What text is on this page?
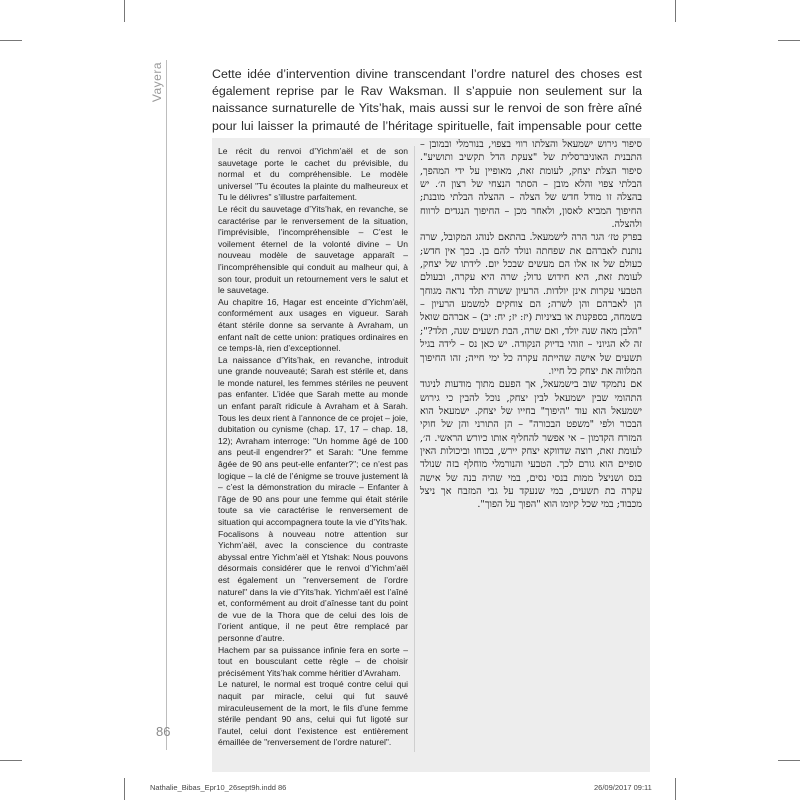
Vayera	Cette idée d’intervention divine transcendant l’ordre naturel des choses est également reprise par le Rav Waksman. Il s’appuie non seulement sur la naissance surnaturelle de Yits’hak, mais aussi sur le renvoi de son frère aîné pour lui laisser la primauté de l’héritage spirituelle, fait impensable pour cette

Le récit du renvoi d’Yichm’aël et de son sauvetage porte le cachet du prévisible, du normal et du compréhensible. Le modèle universel "Tu écoutes la plainte du malheureux et Tu le délivres" s’illustre parfaitement.

Le récit du sauvetage d’Yits’hak, en revanche, se caractérise par le renversement de la situation, l’imprévisible, l’incompréhensible – C’est le voilement éternel de la volonté divine – Un nouveau modèle de sauvetage apparaît – l’incompréhensible qui conduit au malheur qui, à son tour, produit un retournement vers le salut et le sauvetage.

Au chapitre 16, Hagar est enceinte d’Yichm’aël, conformément aux usages en vigueur. Sarah étant stérile donne sa servante à Avraham, un enfant naît de cette union: pratiques ordinaires en ce temps-là, rien d’exceptionnel.

La naissance d’Yits’hak, en revanche, introduit une grande nouveauté; Sarah est stérile et, dans le monde naturel, les femmes stériles ne peuvent pas enfanter. L’idée que Sarah mette au monde un enfant paraît ridicule à Avraham et à Sarah. Tous les deux rient à l’annonce de ce projet – joie, dubitation ou cynisme (chap. 17, 17 – chap. 18, 12); Avraham interroge: "Un homme âgé de 100 ans peut-il engendrer?" et Sarah: "Une femme âgée de 90 ans peut-elle enfanter?"; ce n’est pas logique – la clé de l’énigme se trouve justement là – c’est la démonstration du miracle – Enfanter à l’âge de 90 ans pour une femme qui était stérile toute sa vie caractérise le renversement de situation qui accompagnera toute la vie d’Yits’hak.

Focalisons à nouveau notre attention sur Yichm’aël, avec la conscience du contraste abyssal entre Yichm’aël et Ytshak: Nous pouvons désormais considérer que le renvoi d’Yichm’aël est également un "renversement de l’ordre naturel" dans la vie d’Yits’hak. Yichm’aël est l’aîné et, conformément au droit d’aînesse tant du point de vue de la Thora que de celui des lois de l’orient antique, il ne peut être remplacé par personne d’autre.

Hachem par sa puissance infinie fera en sorte – tout en bousculant cette règle – de choisir précisément Yits’hak comme héritier d’Avraham.

Le naturel, le normal est troqué contre celui qui naquit par miracle, celui qui fut sauvé miraculeusement de la mort, le fils d’une femme stérile pendant 90 ans, celui qui fut ligoté sur l’autel, celui dont l’existence est entièrement émaillée de "renversement de l’ordre naturel".

סיפור גירוש ישמעאל והצלתו רווי בצפוי, בנורמלי ובמובן – התבנית האוניברסלית של "צעקת הדל תקשיב ותושיע". סיפור הצלת יצחק, לעומת זאת, מאופיין על ידי המהפך, הבלתי צפוי והלא מובן – הסתר הנצחי של רצון ה׳. יש בהצלה זו מודל חדש של הצלה – ההצלה הבלתי מובנת; החיפוך המביא לאסון, ולאחר מכן – החיפוך הנגדים לרווח ולהצלה.

בפרק טז׳ הגר הרה לישמעאל. בהתאם לנוהג המקובל, שרה נותנת לאברהם את שפחתה ונולד להם בן. בכך אין חדש; כעולם של אז אלו הם מעשים שבכל יום. לידתו של יצחק, לעומת זאת, היא חידוש גדול; שרה היא עקרה, ובעולם הטבעי עקרות אינן יולדות. הרעיון ששרה תלד נראה מגוחך הן לאברהם והן לשרה; הם צוחקים למשמע הרעיון – בשמחה, בספקנות או בציניות (יז: יז; יח: יב) – אברהם שואל "הלבן מאה שנה יולד, ואם שרה, הבת תשעים שנה, תלד?"; זה לא הגיוני – וזוהי בדיוק הנקודה. יש כאן נס – לידה בגיל תשעים של אישה שהייתה עקרה כל ימי חייה; זהו החיפוך המלווה את יצחק כל חייו.

אם נתמקד שוב בישמעאל, אך הפעם מתוך מודעות לניגוד התהומי שבין ישמעאל לבין יצחק, נוכל להבין כי גירוש ישמעאל הוא עוד "היפוך" בחייו של יצחק. ישמעאל הוא הבכור ולפי "משפט הבכורה" – הן התורני והן של חוקי המזרח הקדמון – אי אפשר להחליף אותו כיורש הראשי. ה׳, לעומת זאת, רוצה שדווקא יצחק יירש, בכוחו וביכולות האין סופיים הוא גורם לכך. הטבעי והנורמלי מוחלף בזה שנולד בנס ושניצל ממות בנסי נסים, במי שהיה בנה של אישה עקרה בת תשעים, במי שנעקד על גבי המזבח אך ניצל מכבוד; במי שכל קיומו הוא "הפוך על הפוך".

86
Nathalie_Bibas_Epr10_26sept9h.indd 86	26/09/2017 09:11
